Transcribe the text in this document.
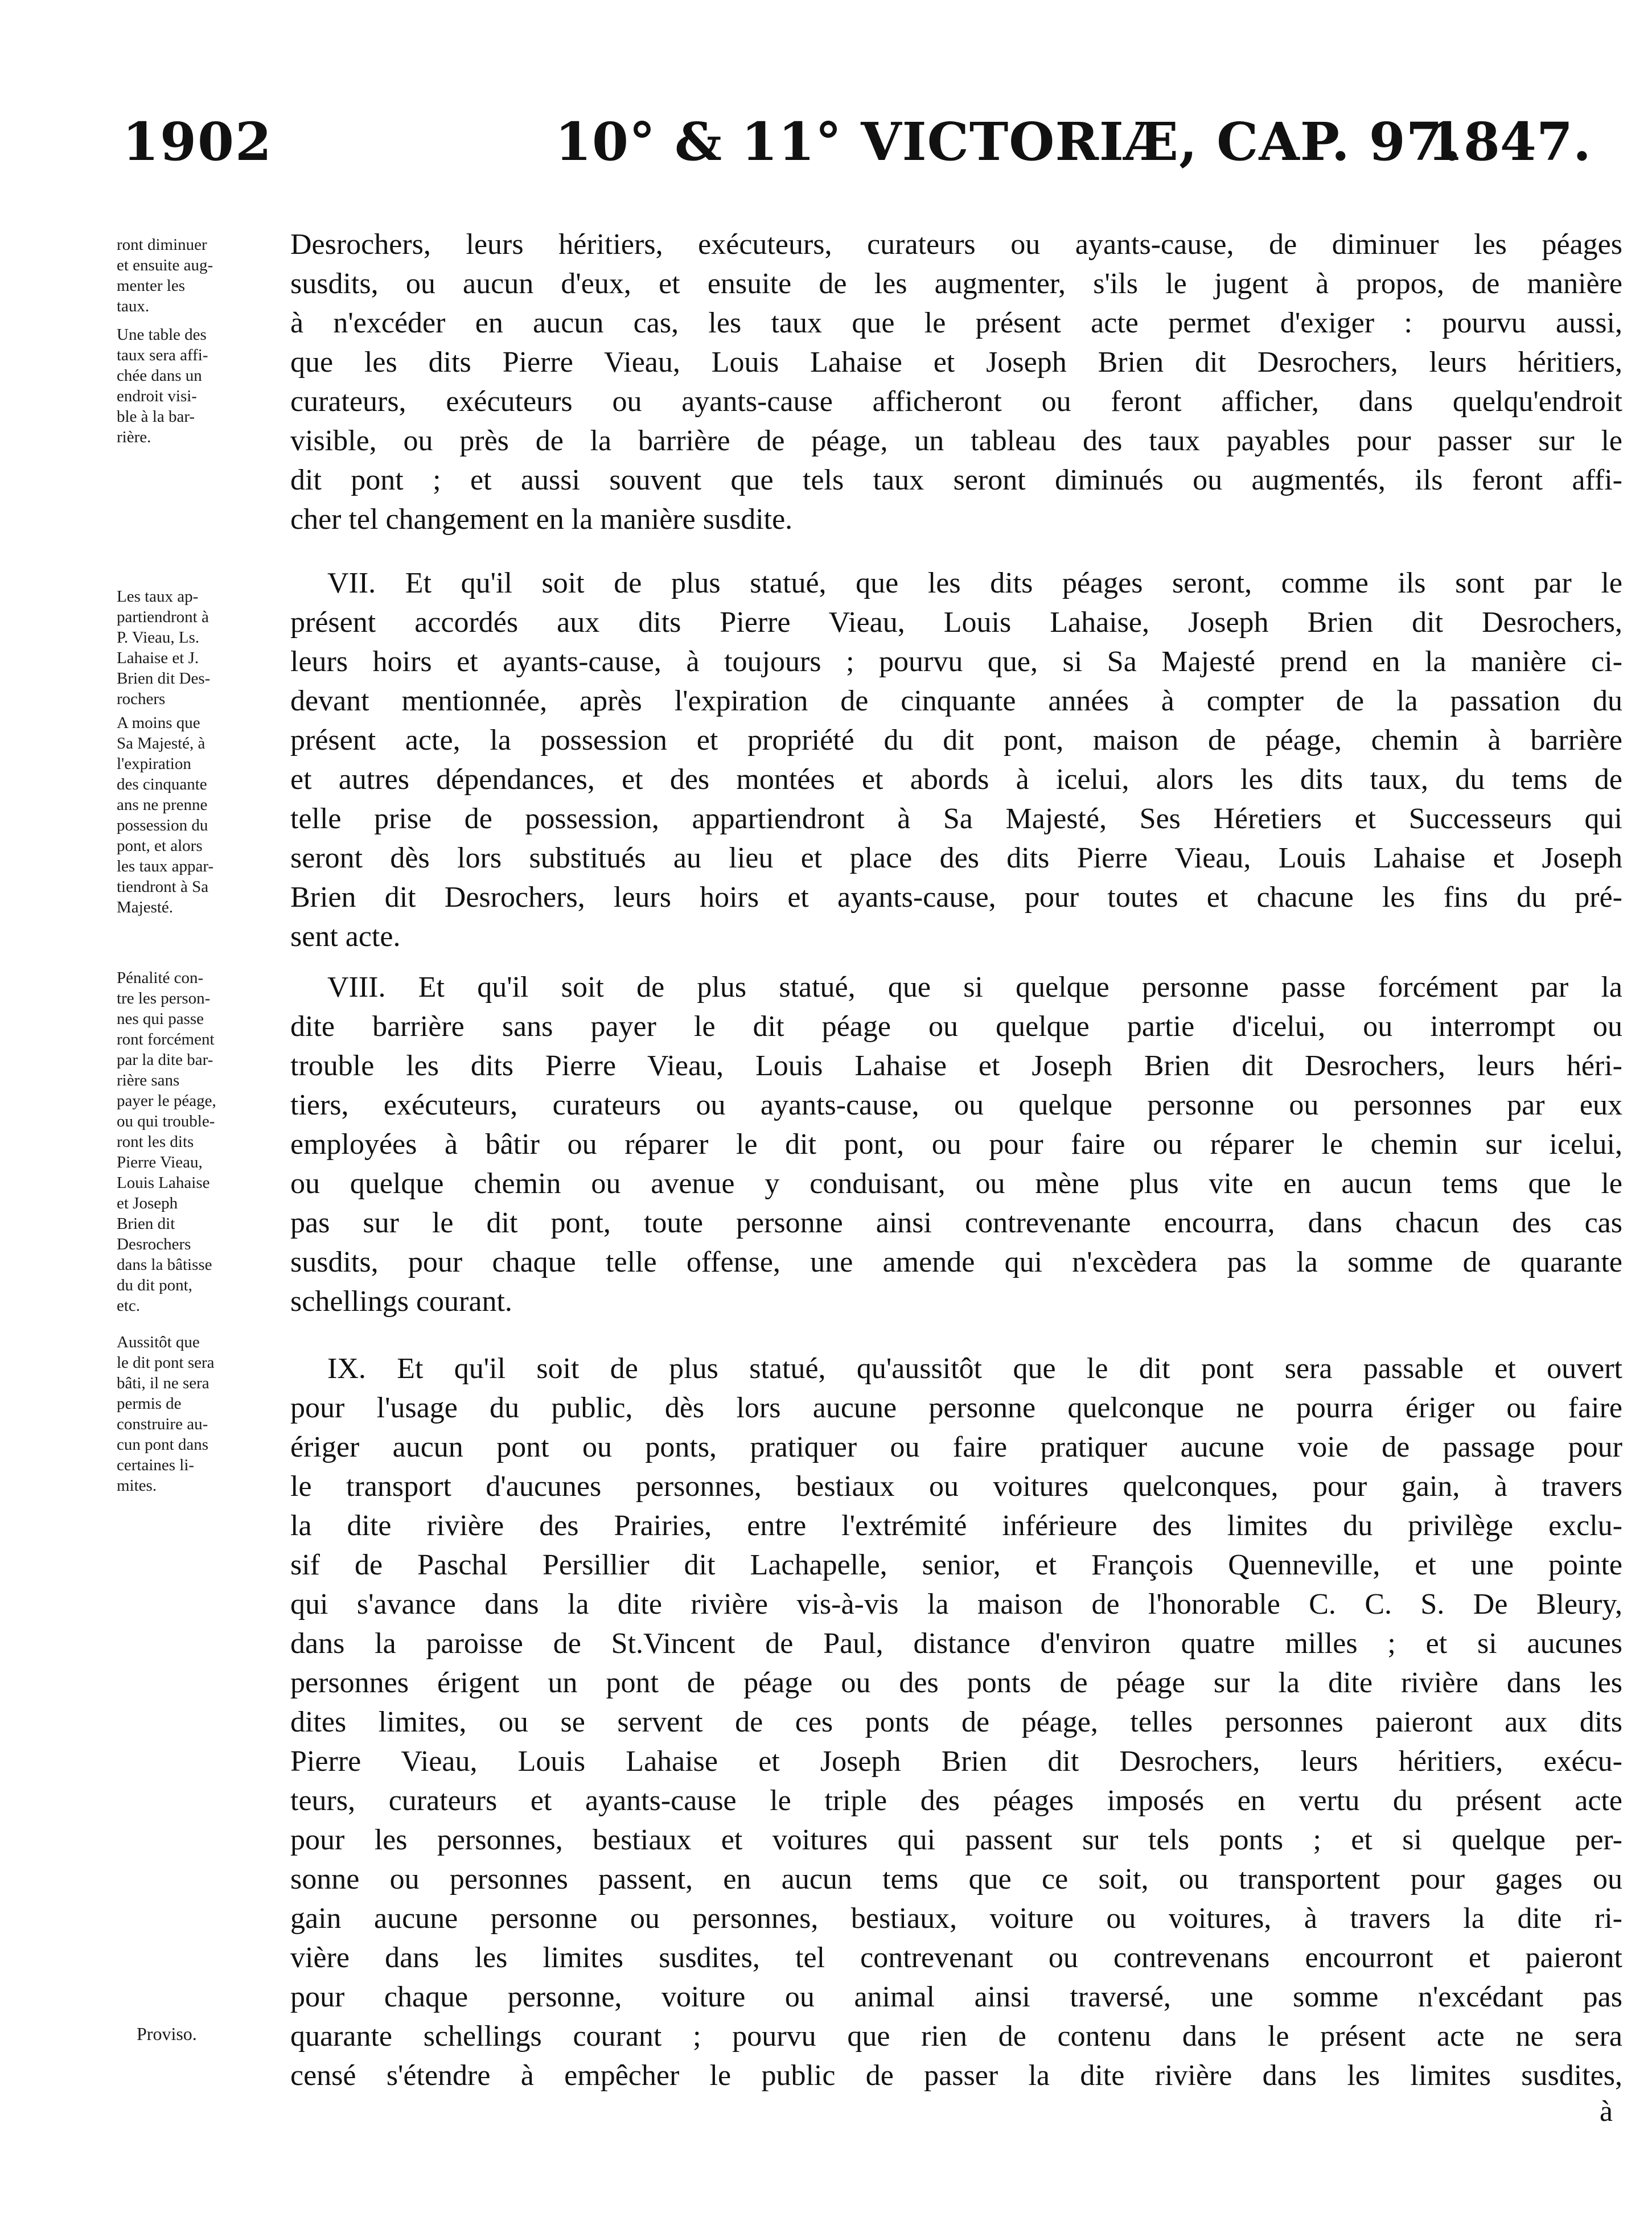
1902	10° & 11° VICTORIÆ, CAP. 97.
1847.

ront diminuer

et ensuite aug-

menter les

taux.

Une table des

taux sera affi-

chée dans un

endroit visi-

ble à la bar-

rière.

Les taux ap-

partiendront à

P. Vieau, Ls.

Lahaise et J.

Brien dit Des-

rochers

A moins que

Sa Majesté, à

l'expiration

des cinquante

ans ne prenne

possession du

pont, et alors

les taux appar-

tiendront à Sa

Majesté.

Pénalité con-

tre les person-

nes qui passe

ront forcément

par la dite bar-

rière sans

payer le péage,

ou qui trouble-

ront les dits

Pierre Vieau,

Louis Lahaise

et Joseph

Brien dit

Desrochers

dans la bâtisse

du dit pont,

etc.

Aussitôt que

le dit pont sera

bâti, il ne sera

permis de

construire au-

cun pont dans

certaines li-

mites.

Proviso.

Desrochers, leurs héritiers, exécuteurs, curateurs ou ayants-cause, de diminuer les péages
susdits, ou aucun d'eux, et ensuite de les augmenter, s'ils le jugent à propos, de manière
à n'excéder en aucun cas, les taux que le présent acte permet d'exiger : pourvu aussi,
que les dits Pierre Vieau, Louis Lahaise et Joseph Brien dit Desrochers, leurs héritiers,
curateurs, exécuteurs ou ayants-cause afficheront ou feront afficher, dans quelqu'endroit
visible, ou près de la barrière de péage, un tableau des taux payables pour passer sur le
dit pont ; et aussi souvent que tels taux seront diminués ou augmentés, ils feront affi-
cher tel changement en la manière susdite.

VII. Et qu'il soit de plus statué, que les dits péages seront, comme ils sont par le
présent accordés aux dits Pierre Vieau, Louis Lahaise, Joseph Brien dit Desrochers,
leurs hoirs et ayants-cause, à toujours ; pourvu que, si Sa Majesté prend en la manière ci-
devant mentionnée, après l'expiration de cinquante années à compter de la passation du
présent acte, la possession et propriété du dit pont, maison de péage, chemin à barrière
et autres dépendances, et des montées et abords à icelui, alors les dits taux, du tems de
telle prise de possession, appartiendront à Sa Majesté, Ses Héretiers et Successeurs qui
seront dès lors substitués au lieu et place des dits Pierre Vieau, Louis Lahaise et Joseph
Brien dit Desrochers, leurs hoirs et ayants-cause, pour toutes et chacune les fins du pré-
sent acte.

VIII. Et qu'il soit de plus statué, que si quelque personne passe forcément par la
dite barrière sans payer le dit péage ou quelque partie d'icelui, ou interrompt ou
trouble les dits Pierre Vieau, Louis Lahaise et Joseph Brien dit Desrochers, leurs héri-
tiers, exécuteurs, curateurs ou ayants-cause, ou quelque personne ou personnes par eux
employées à bâtir ou réparer le dit pont, ou pour faire ou réparer le chemin sur icelui,
ou quelque chemin ou avenue y conduisant, ou mène plus vite en aucun tems que le
pas sur le dit pont, toute personne ainsi contrevenante encourra, dans chacun des cas
susdits, pour chaque telle offense, une amende qui n'excèdera pas la somme de quarante
schellings courant.

IX. Et qu'il soit de plus statué, qu'aussitôt que le dit pont sera passable et ouvert
pour l'usage du public, dès lors aucune personne quelconque ne pourra ériger ou faire
ériger aucun pont ou ponts, pratiquer ou faire pratiquer aucune voie de passage pour
le transport d'aucunes personnes, bestiaux ou voitures quelconques, pour gain, à travers
la dite rivière des Prairies, entre l'extrémité inférieure des limites du privilège exclu-
sif de Paschal Persillier dit Lachapelle, senior, et François Quenneville, et une pointe
qui s'avance dans la dite rivière vis-à-vis la maison de l'honorable C. C. S. De Bleury,
dans la paroisse de St.Vincent de Paul, distance d'environ quatre milles ; et si aucunes
personnes érigent un pont de péage ou des ponts de péage sur la dite rivière dans les
dites limites, ou se servent de ces ponts de péage, telles personnes paieront aux dits
Pierre Vieau, Louis Lahaise et Joseph Brien dit Desrochers, leurs héritiers, exécu-
teurs, curateurs et ayants-cause le triple des péages imposés en vertu du présent acte
pour les personnes, bestiaux et voitures qui passent sur tels ponts ; et si quelque per-
sonne ou personnes passent, en aucun tems que ce soit, ou transportent pour gages ou
gain aucune personne ou personnes, bestiaux, voiture ou voitures, à travers la dite ri-
vière dans les limites susdites, tel contrevenant ou contrevenans encourront et paieront
pour chaque personne, voiture ou animal ainsi traversé, une somme n'excédant pas
quarante schellings courant ; pourvu que rien de contenu dans le présent acte ne sera
censé s'étendre à empêcher le public de passer la dite rivière dans les limites susdites,

à
